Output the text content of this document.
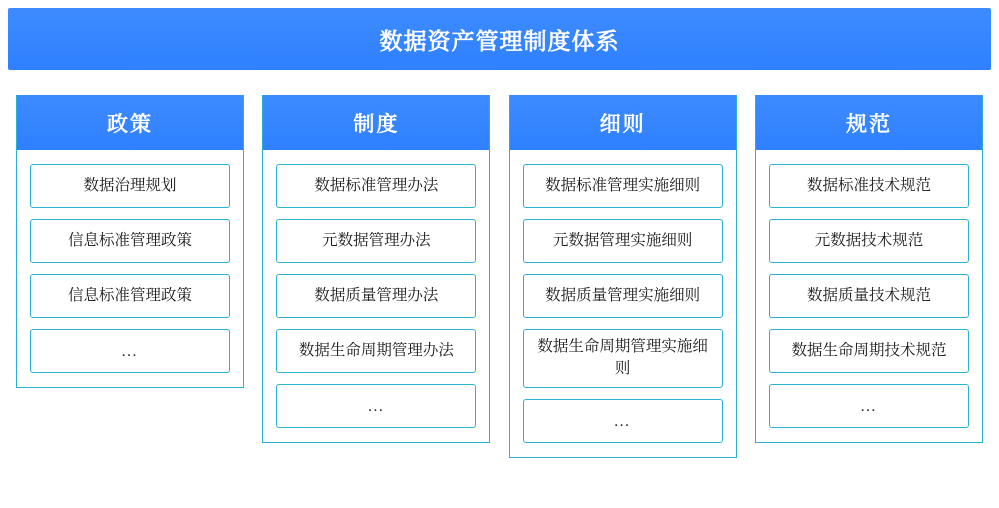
数据资产管理制度体系
政策
数据治理规划
信息标准管理政策
信息标准管理政策
…
制度
数据标准管理办法
元数据管理办法
数据质量管理办法
数据生命周期管理办法
…
细则
数据标准管理实施细则
元数据管理实施细则
数据质量管理实施细则
数据生命周期管理实施细则
…
规范
数据标准技术规范
元数据技术规范
数据质量技术规范
数据生命周期技术规范
…
